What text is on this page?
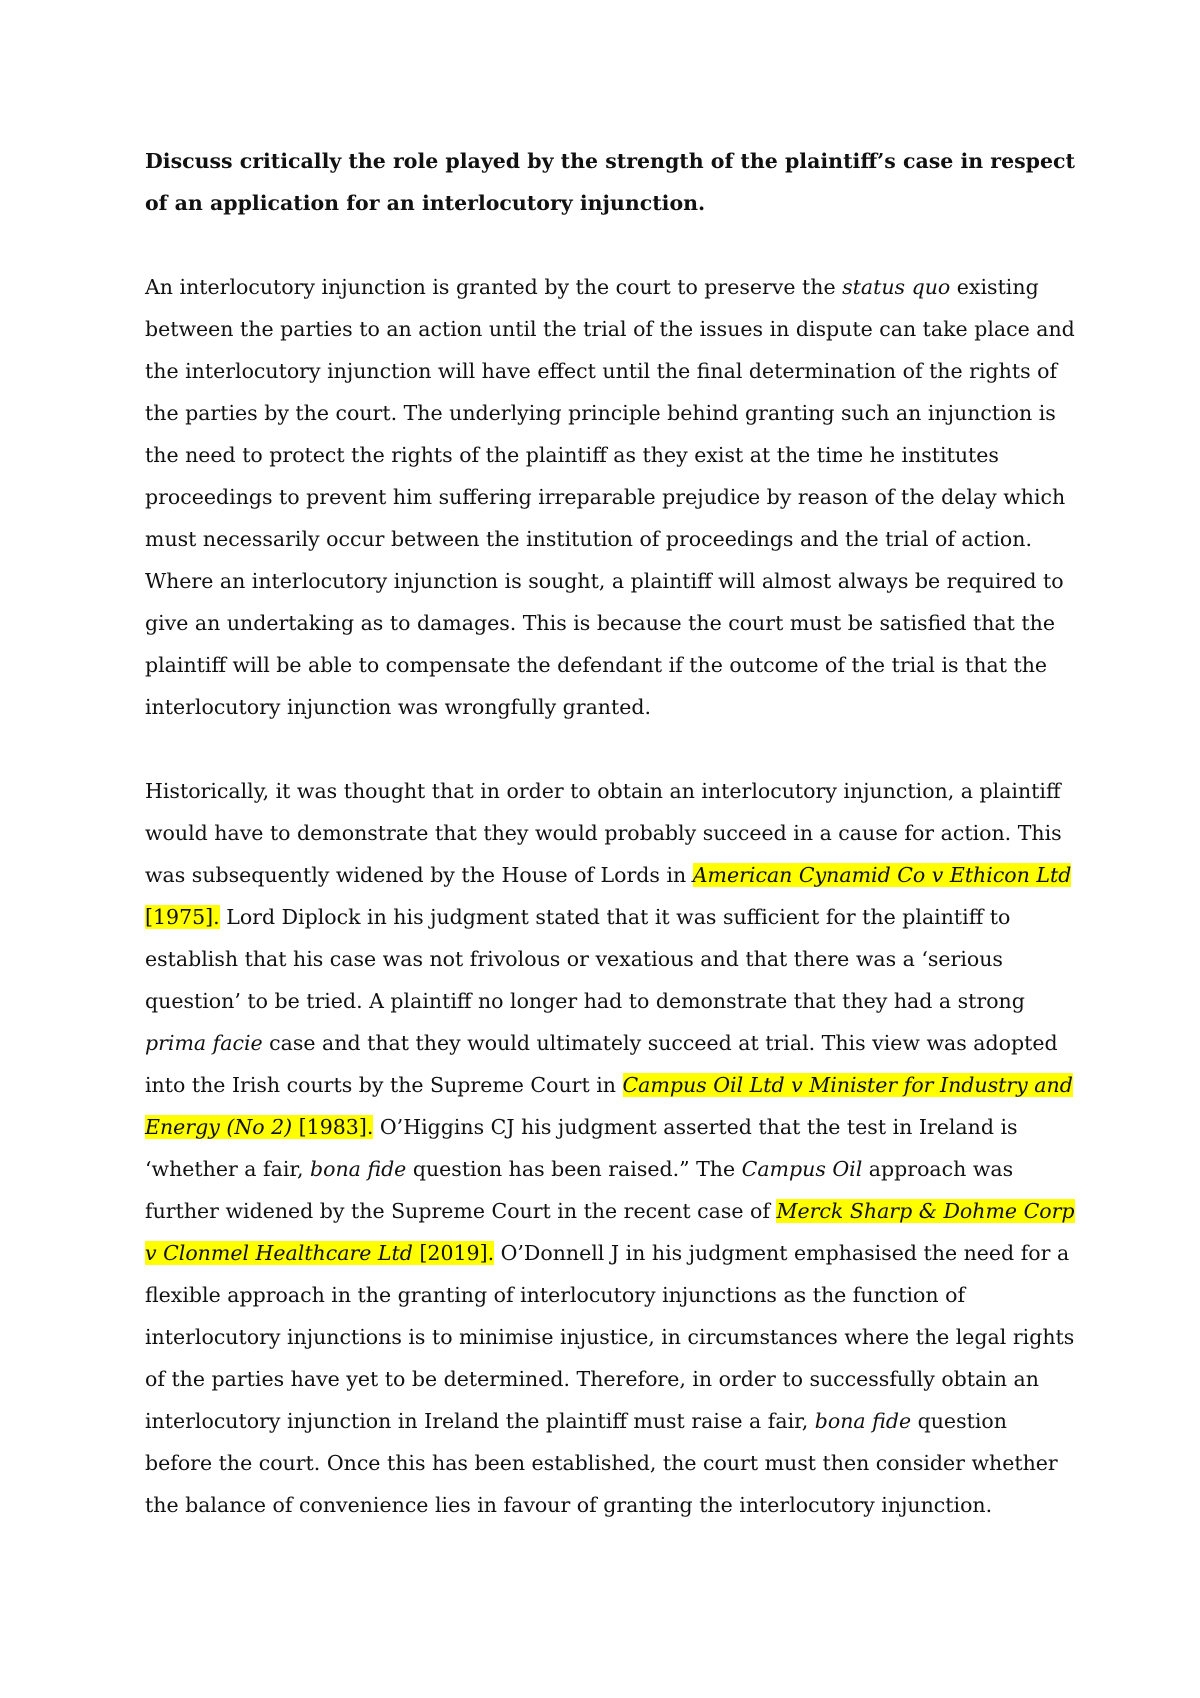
Discuss critically the role played by the strength of the plaintiff’s case in respect of an application for an interlocutory injunction.

An interlocutory injunction is granted by the court to preserve the status quo existing between the parties to an action until the trial of the issues in dispute can take place and the interlocutory injunction will have effect until the final determination of the rights of the parties by the court. The underlying principle behind granting such an injunction is the need to protect the rights of the plaintiff as they exist at the time he institutes proceedings to prevent him suffering irreparable prejudice by reason of the delay which must necessarily occur between the institution of proceedings and the trial of action. Where an interlocutory injunction is sought, a plaintiff will almost always be required to give an undertaking as to damages. This is because the court must be satisfied that the plaintiff will be able to compensate the defendant if the outcome of the trial is that the interlocutory injunction was wrongfully granted.

Historically, it was thought that in order to obtain an interlocutory injunction, a plaintiff would have to demonstrate that they would probably succeed in a cause for action. This was subsequently widened by the House of Lords in American Cynamid Co v Ethicon Ltd [1975]. Lord Diplock in his judgment stated that it was sufficient for the plaintiff to establish that his case was not frivolous or vexatious and that there was a ‘serious question’ to be tried. A plaintiff no longer had to demonstrate that they had a strong prima facie case and that they would ultimately succeed at trial. This view was adopted into the Irish courts by the Supreme Court in Campus Oil Ltd v Minister for Industry and Energy (No 2) [1983]. O’Higgins CJ his judgment asserted that the test in Ireland is ‘whether a fair, bona fide question has been raised.” The Campus Oil approach was further widened by the Supreme Court in the recent case of Merck Sharp & Dohme Corp v Clonmel Healthcare Ltd [2019]. O’Donnell J in his judgment emphasised the need for a flexible approach in the granting of interlocutory injunctions as the function of interlocutory injunctions is to minimise injustice, in circumstances where the legal rights of the parties have yet to be determined. Therefore, in order to successfully obtain an interlocutory injunction in Ireland the plaintiff must raise a fair, bona fide question before the court. Once this has been established, the court must then consider whether the balance of convenience lies in favour of granting the interlocutory injunction.
